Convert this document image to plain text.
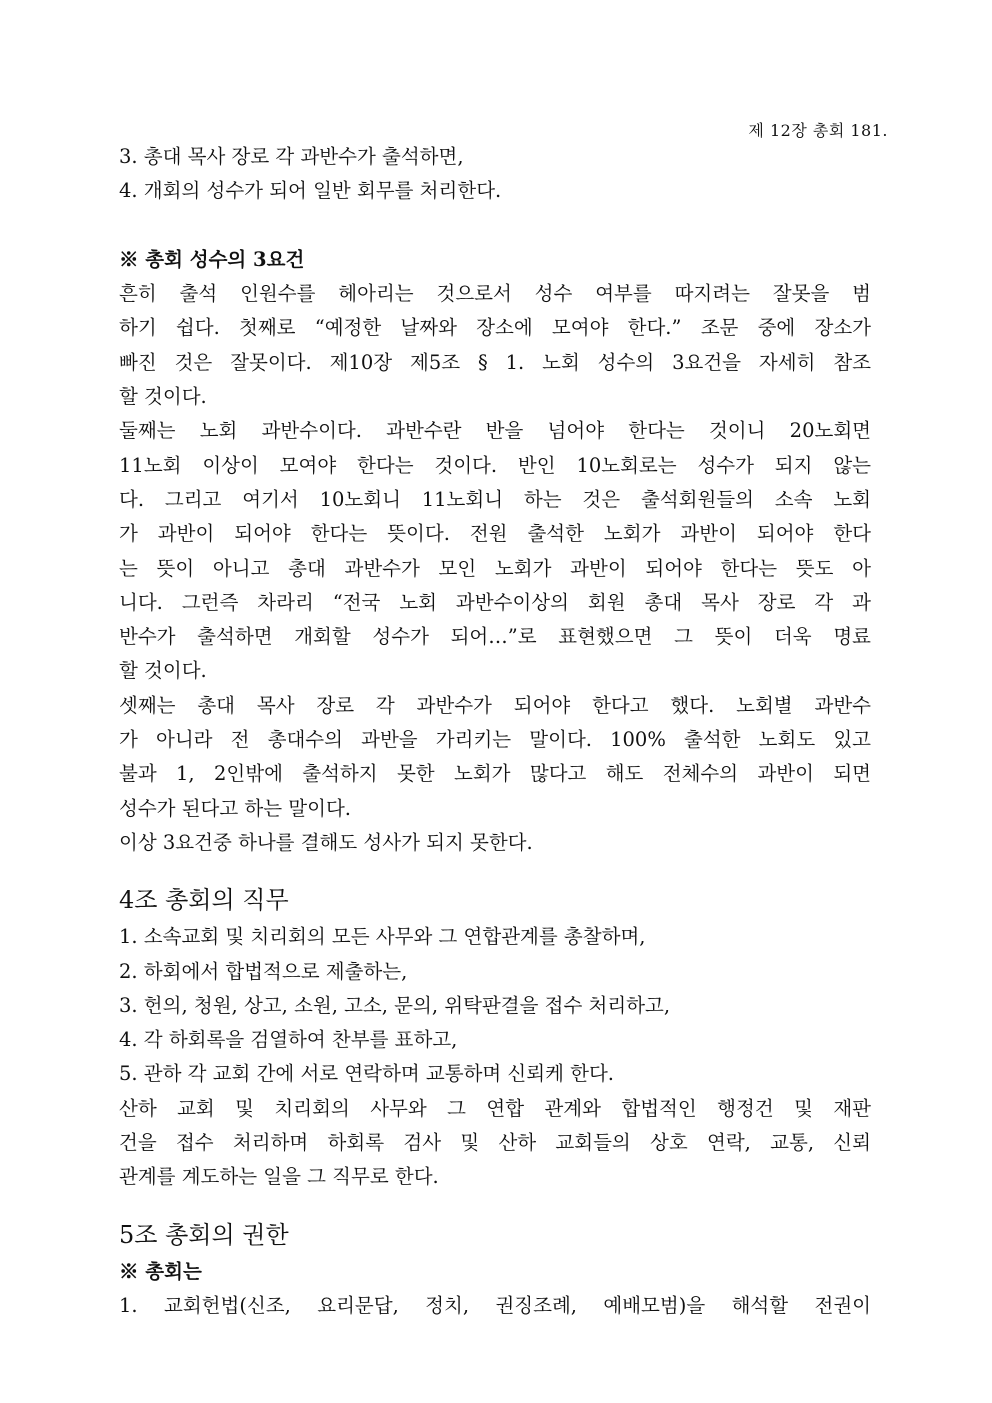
제 12장 총회 181.
3. 총대 목사 장로 각 과반수가 출석하면,
4. 개회의 성수가 되어 일반 회무를 처리한다.
※ 총회 성수의 3요건
흔히 출석 인원수를 헤아리는 것으로서 성수 여부를 따지려는 잘못을 범
하기 쉽다. 첫째로 “예정한 날짜와 장소에 모여야 한다.” 조문 중에 장소가
빠진 것은 잘못이다. 제10장 제5조 § 1. 노회 성수의 3요건을 자세히 참조
할 것이다.
둘째는 노회 과반수이다. 과반수란 반을 넘어야 한다는 것이니 20노회면
11노회 이상이 모여야 한다는 것이다. 반인 10노회로는 성수가 되지 않는
다. 그리고 여기서 10노회니 11노회니 하는 것은 출석회원들의 소속 노회
가 과반이 되어야 한다는 뜻이다. 전원 출석한 노회가 과반이 되어야 한다
는 뜻이 아니고 총대 과반수가 모인 노회가 과반이 되어야 한다는 뜻도 아
니다. 그런즉 차라리 “전국 노회 과반수이상의 회원 총대 목사 장로 각 과
반수가 출석하면 개회할 성수가 되어…”로 표현했으면 그 뜻이 더욱 명료
할 것이다.
셋째는 총대 목사 장로 각 과반수가 되어야 한다고 했다. 노회별 과반수
가 아니라 전 총대수의 과반을 가리키는 말이다. 100% 출석한 노회도 있고
불과 1, 2인밖에 출석하지 못한 노회가 많다고 해도 전체수의 과반이 되면
성수가 된다고 하는 말이다.
이상 3요건중 하나를 결해도 성사가 되지 못한다.
4조 총회의 직무
1. 소속교회 및 치리회의 모든 사무와 그 연합관계를 총찰하며,
2. 하회에서 합법적으로 제출하는,
3. 헌의, 청원, 상고, 소원, 고소, 문의, 위탁판결을 접수 처리하고,
4. 각 하회록을 검열하여 찬부를 표하고,
5. 관하 각 교회 간에 서로 연락하며 교통하며 신뢰케 한다.
산하 교회 및 치리회의 사무와 그 연합 관계와 합법적인 행정건 및 재판
건을 접수 처리하며 하회록 검사 및 산하 교회들의 상호 연락, 교통, 신뢰
관계를 계도하는 일을 그 직무로 한다.
5조 총회의 권한
※ 총회는
1. 교회헌법(신조, 요리문답, 정치, 권징조례, 예배모범)을 해석할 전권이
